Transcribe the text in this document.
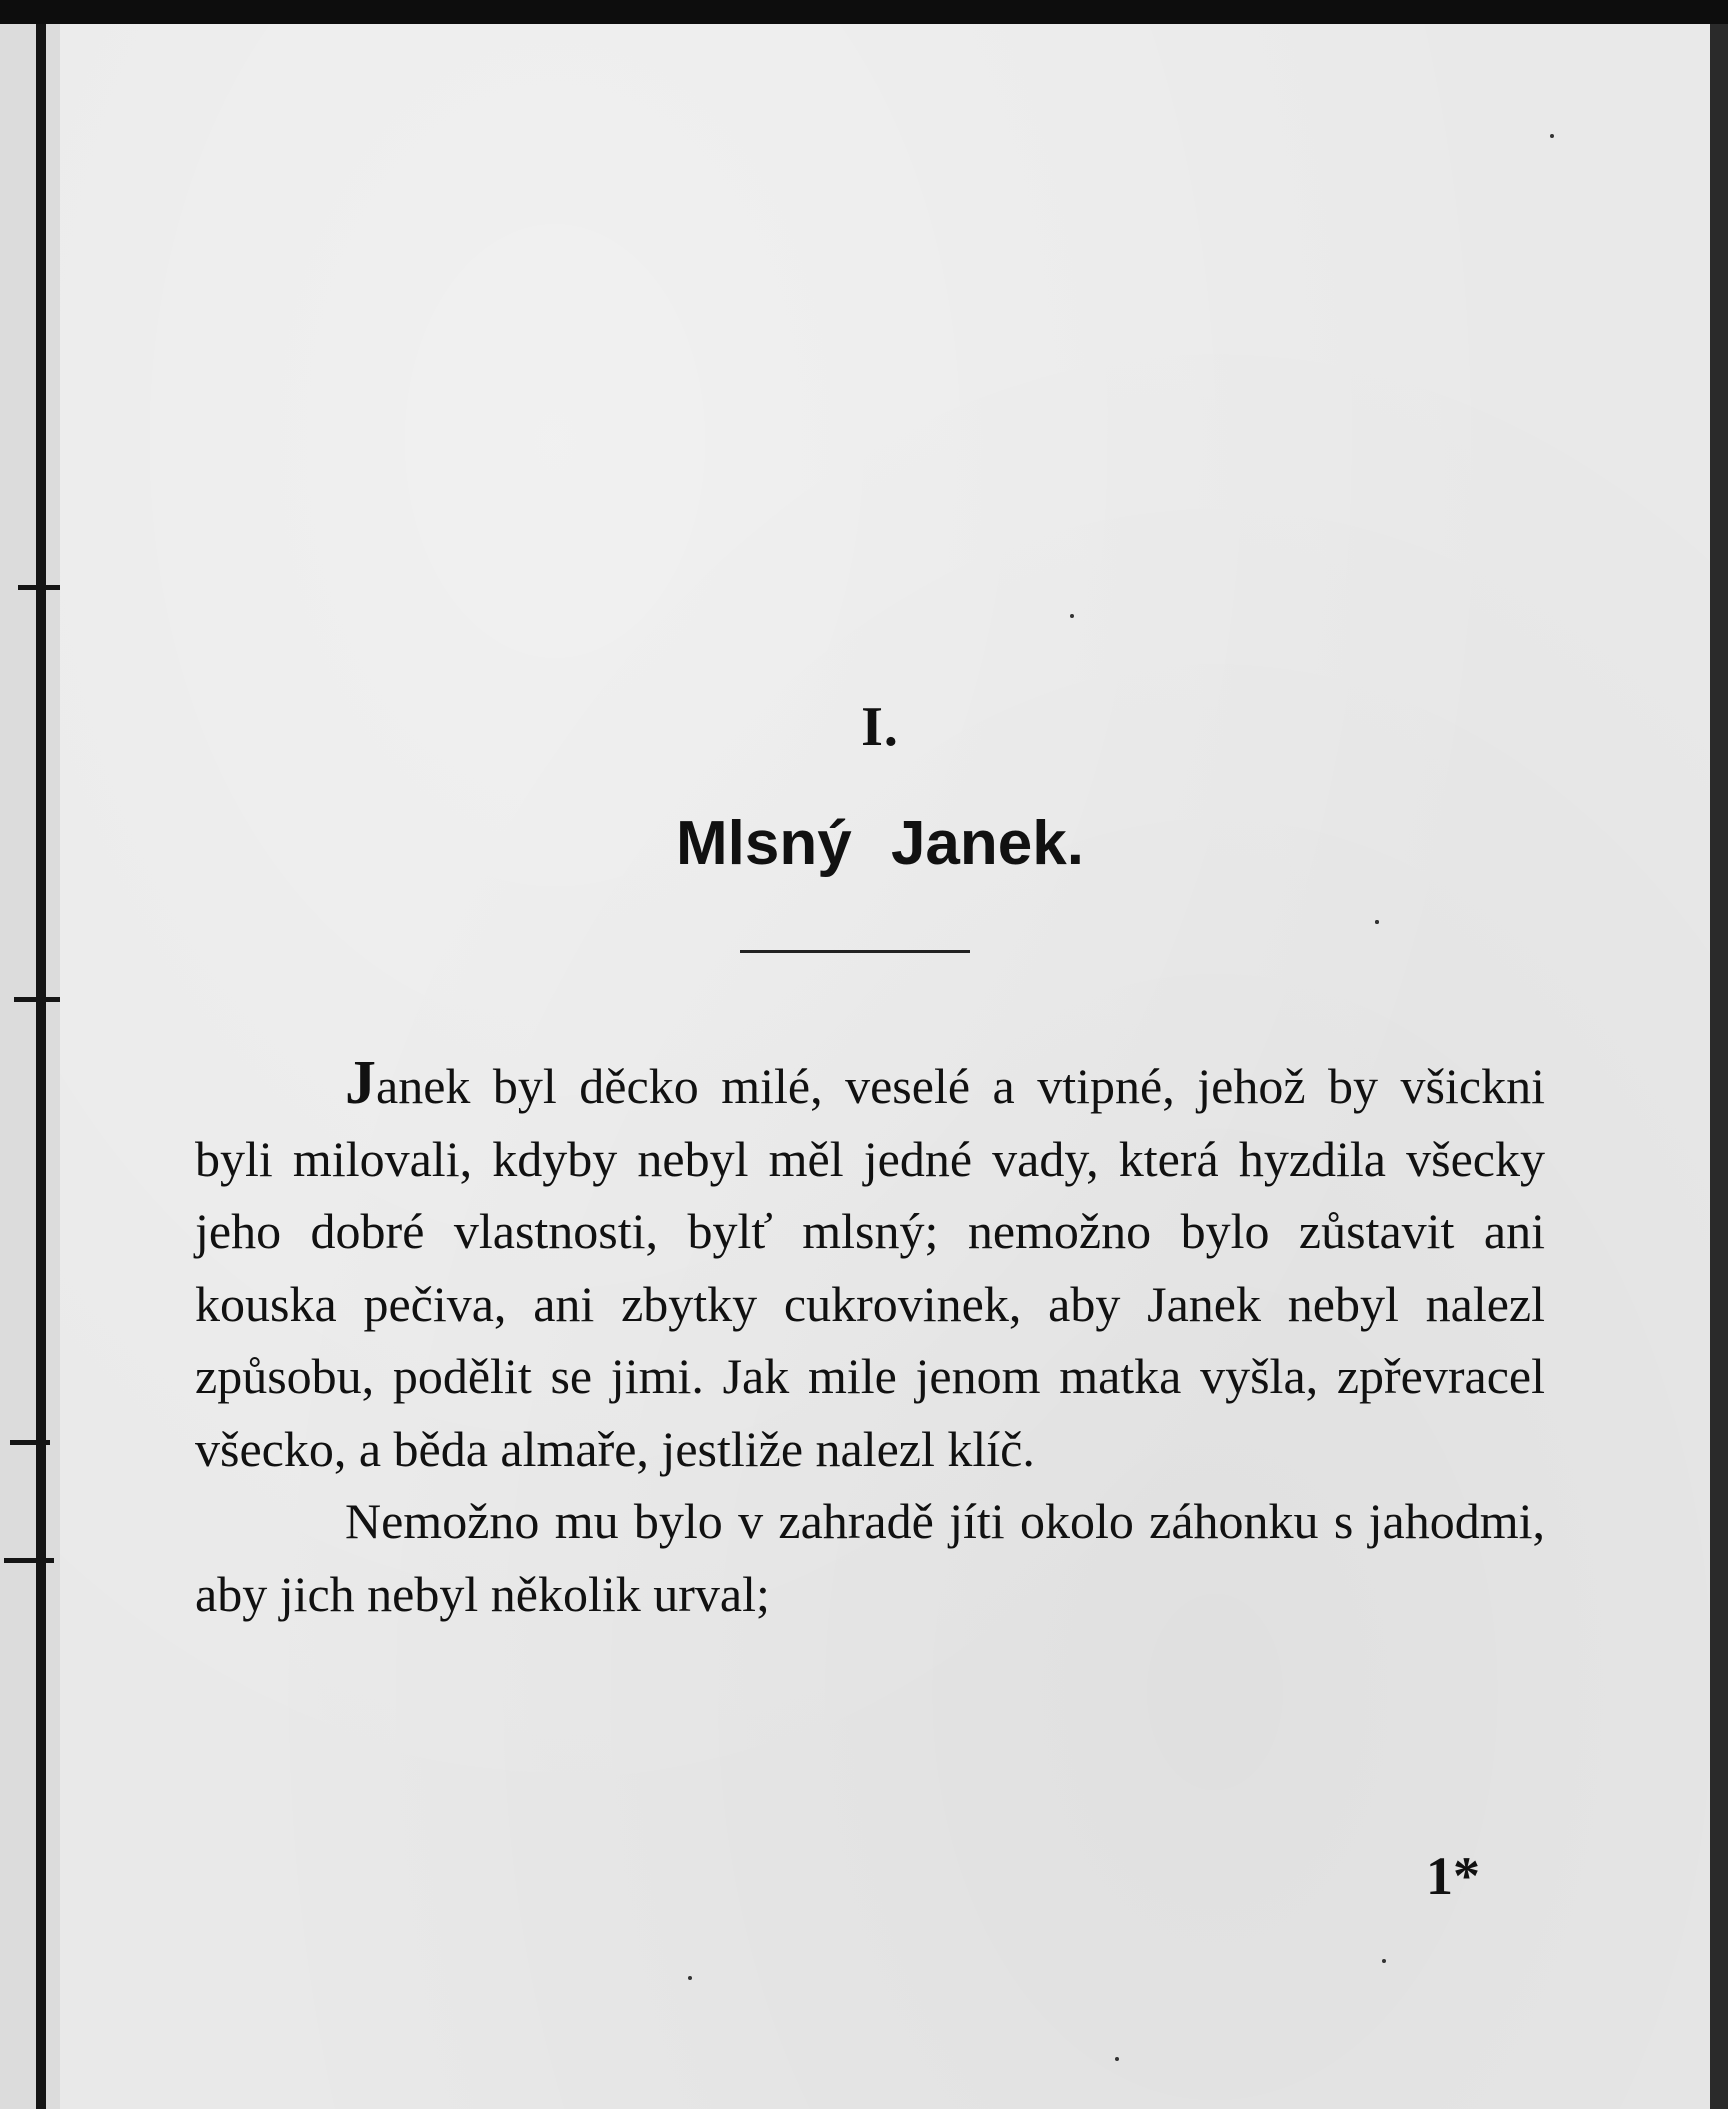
I.
Mlsný Janek.

Janek byl děcko milé, veselé a vtipné, jehož by všickni byli milovali, kdyby nebyl měl jedné vady, která hyzdila všecky jeho dobré vlastnosti, bylť mlsný; nemožno bylo zůstavit ani kouska pečiva, ani zbytky cukrovinek, aby Janek nebyl nalezl způsobu, podělit se jimi. Jak mile jenom matka vyšla, zpřevracel všecko, a běda almaře, jestliže nalezl klíč.

Nemožno mu bylo v zahradě jíti okolo záhonku s jahodmi, aby jich nebyl několik urval;

1*
